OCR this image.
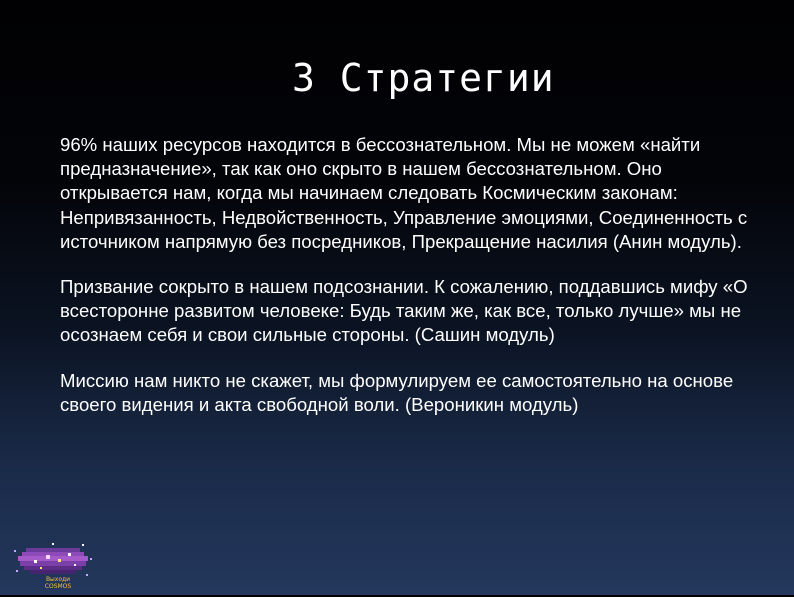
3 Стратегии

96% наших ресурсов находится в бессознательном. Мы не можем «найти предназначение», так как оно скрыто в нашем бессознательном. Оно открывается нам, когда мы начинаем следовать Космическим законам: Непривязанность, Недвойственность, Управление эмоциями, Соединенность с источником напрямую без посредников, Прекращение насилия (Анин модуль).

Призвание сокрыто в нашем подсознании. К сожалению, поддавшись мифу «О всесторонне развитом человеке: Будь таким же, как все, только лучше» мы не осознаем себя и свои сильные стороны. (Сашин модуль)

Миссию нам никто не скажет, мы формулируем ее самостоятельно на основе своего видения и акта свободной воли. (Вероникин модуль)

Выходи
COSMOS
